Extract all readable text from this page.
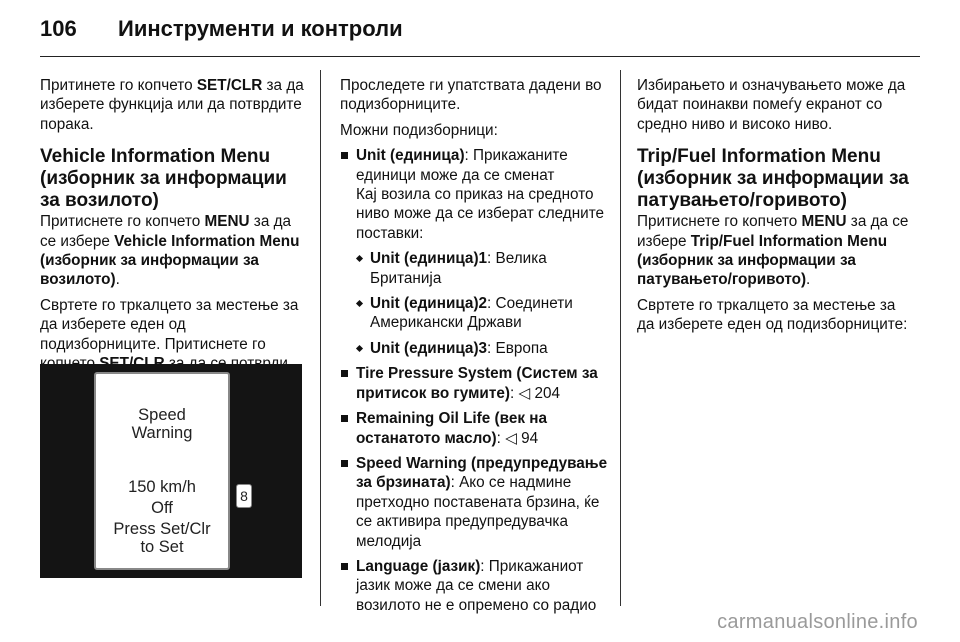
106 Иинструменти и контроли

Притинете го копчето SET/CLR за да изберете функција или да потврдите порака.

Vehicle Information Menu (изборник за информации за возилото)

Притиснете го копчето MENU за да се избере Vehicle Information Menu (изборник за информации за возилото).

Свртете го тркалцето за местење за да изберете еден од подизборниците. Притиснете го

Speed
Warning
150 km/h
Off
Press Set/Clr
to Set
8

Проследете ги упатствата дадени во подизборниците.

Можни подизборници:

Unit (единица): Прикажаните единици може да се сменат

Кај возила со приказ на средното ниво може да се изберат следните поставки:

Unit (единица)1: Велика Британија
Unit (единица)2: Соединети Американски Држави
Unit (единица)3: Европа
Tire Pressure System (Систем за притисок во гумите): ◁ 204
Remaining Oil Life (век на останатото масло): ◁ 94
Speed Warning (предупредување за брзината): Ако се надмине претходно поставената брзина, ќе се активира предупредувачка мелодија
Language (јазик): Прикажаниот јазик може да се смени ако возилото не е опремено со радио

Избирањето и означувањето може да бидат поинакви помеѓу екранот со средно ниво и високо ниво.

Trip/Fuel Information Menu (изборник за информации за патувањето/горивото)

Притиснете го копчето MENU за да се избере Trip/Fuel Information Menu (изборник за информации за патувањето/горивото).

Свртете го тркалцето за местење за да изберете еден од подизборниците:

carmanualsonline.info
